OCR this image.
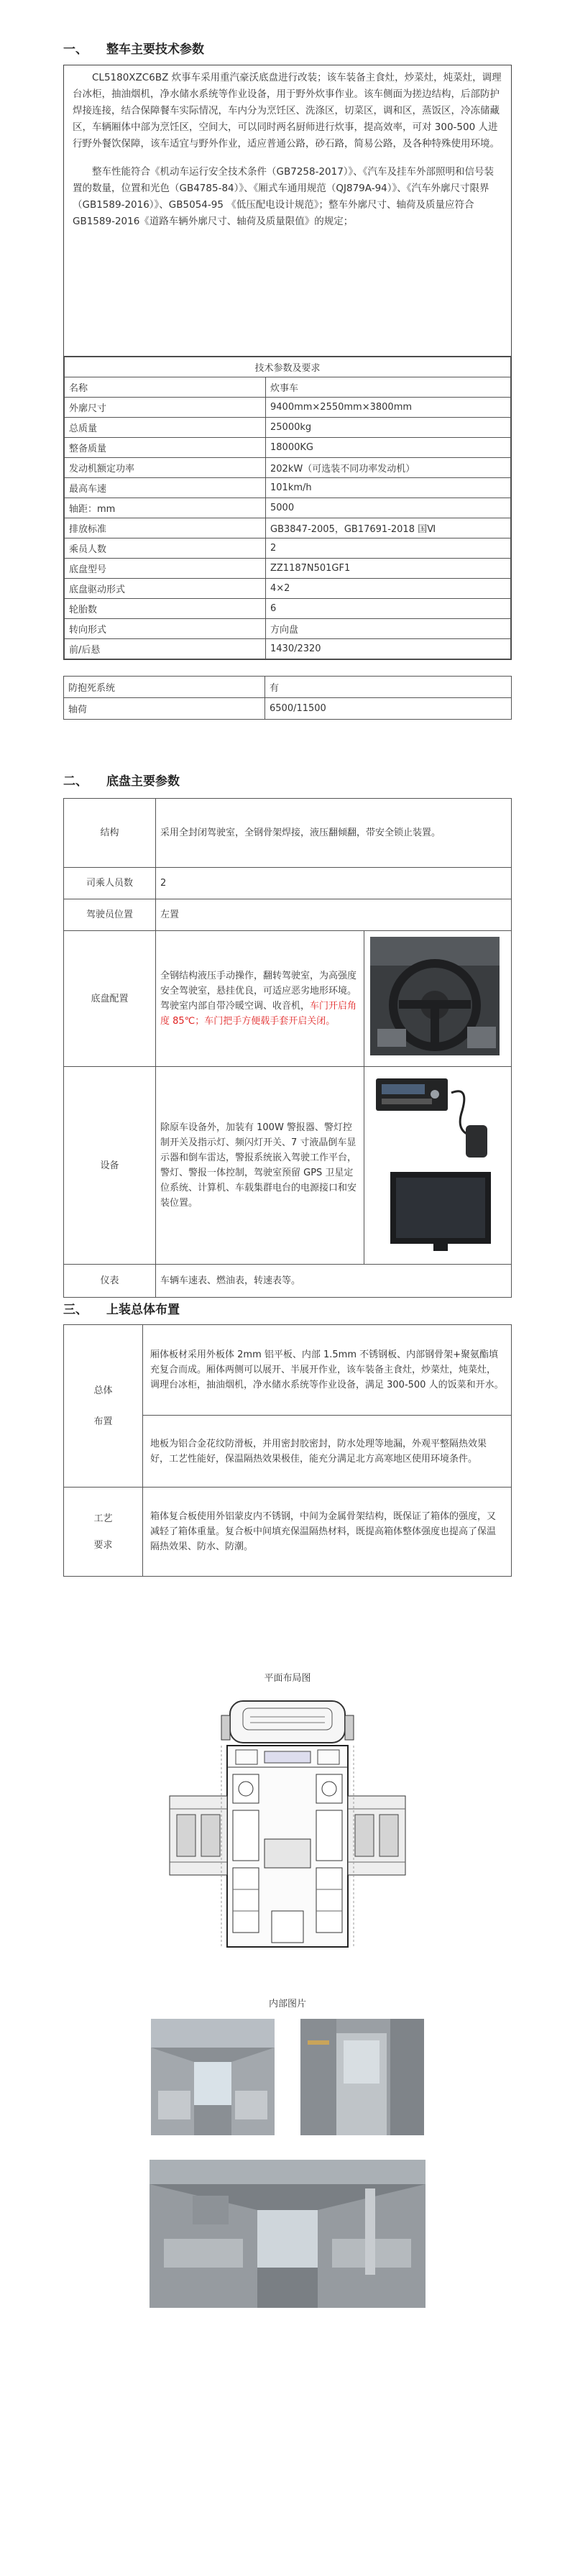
一、 整车主要技术参数

CL5180XZC6BZ 炊事车采用重汽豪沃底盘进行改装；该车装备主食灶，炒菜灶，炖菜灶，调理台冰柜，抽油烟机，净水储水系统等作业设备，用于野外炊事作业。该车侧面为搓边结构，后部防护焊接连接，结合保障餐车实际情况，车内分为烹饪区、洗涤区，切菜区，调和区，蒸饭区，冷冻储藏区，车辆厢体中部为烹饪区，空间大，可以同时两名厨师进行炊事，提高效率，可对 300-500 人进行野外餐饮保障，该车适宜与野外作业，适应普通公路，砂石路，简易公路，及各种特殊使用环境。

整车性能符合《机动车运行安全技术条件（GB7258-2017）》、《汽车及挂车外部照明和信号装置的数量，位置和光色（GB4785-84）》、《厢式车通用规范（QJ879A-94）》、《汽车外廓尺寸限界（GB1589-2016）》、GB5054-95 《低压配电设计规范》；整车外廓尺寸、轴荷及质量应符合 GB1589-2016《道路车辆外廓尺寸、轴荷及质量限值》的规定；

技术参数及要求	
名称	炊事车
外廓尺寸	9400mm×2550mm×3800mm
总质量	25000kg
整备质量	18000KG
发动机额定功率	202kW（可选装不同功率发动机）
最高车速	101km/h
轴距：mm	5000
排放标准	GB3847-2005，GB17691-2018 国Ⅵ
乘员人数	2
底盘型号	ZZ1187N501GF1
底盘驱动形式	4×2
轮胎数	6
转向形式	方向盘
前/后悬	1430/2320
防抱死系统	有
轴荷	6500/11500
二、 底盘主要参数
结构	采用全封闭驾驶室，全钢骨架焊接，液压翻倾翻，带安全锁止装置。	
司乘人员数	2	
驾驶员位置	左置	
底盘配置	全钢结构液压手动操作，翻转驾驶室，为高强度安全驾驶室，悬挂优良，可适应恶劣地形环境。驾驶室内部自带冷暖空调、收音机，车门开启角度 85℃；车门把手方便载手套开启关闭。	
设备	除原车设备外，加装有 100W 警报器、警灯控制开关及指示灯、频闪灯开关、7 寸液晶倒车显示器和倒车雷达，警报系统嵌入驾驶工作平台，警灯、警报一体控制，驾驶室预留 GPS 卫星定位系统、计算机、车载集群电台的电源接口和安装位置。	
仪表	车辆车速表、燃油表，转速表等。	
三、 上装总体布置
总体
布置	厢体板材采用外板体 2mm 铝平板、内部 1.5mm 不锈钢板、内部钢骨架+聚氨酯填充复合而成。厢体两侧可以展开、半展开作业，该车装备主食灶，炒菜灶，炖菜灶，调理台冰柜，抽油烟机，净水储水系统等作业设备，满足 300-500 人的饭菜和开水。
	地板为铝合金花纹防滑板，并用密封胶密封，防水处理等地漏，外观平整隔热效果好，工艺性能好，保温隔热效果极佳，能充分满足北方高寒地区使用环境条件。

工艺
要求	箱体复合板使用外铝蒙皮内不锈钢，中间为金属骨架结构，既保证了箱体的强度，又减轻了箱体重量。复合板中间填充保温隔热材料，既提高箱体整体强度也提高了保温隔热效果、防水、防潮。
平面布局图
内部图片
